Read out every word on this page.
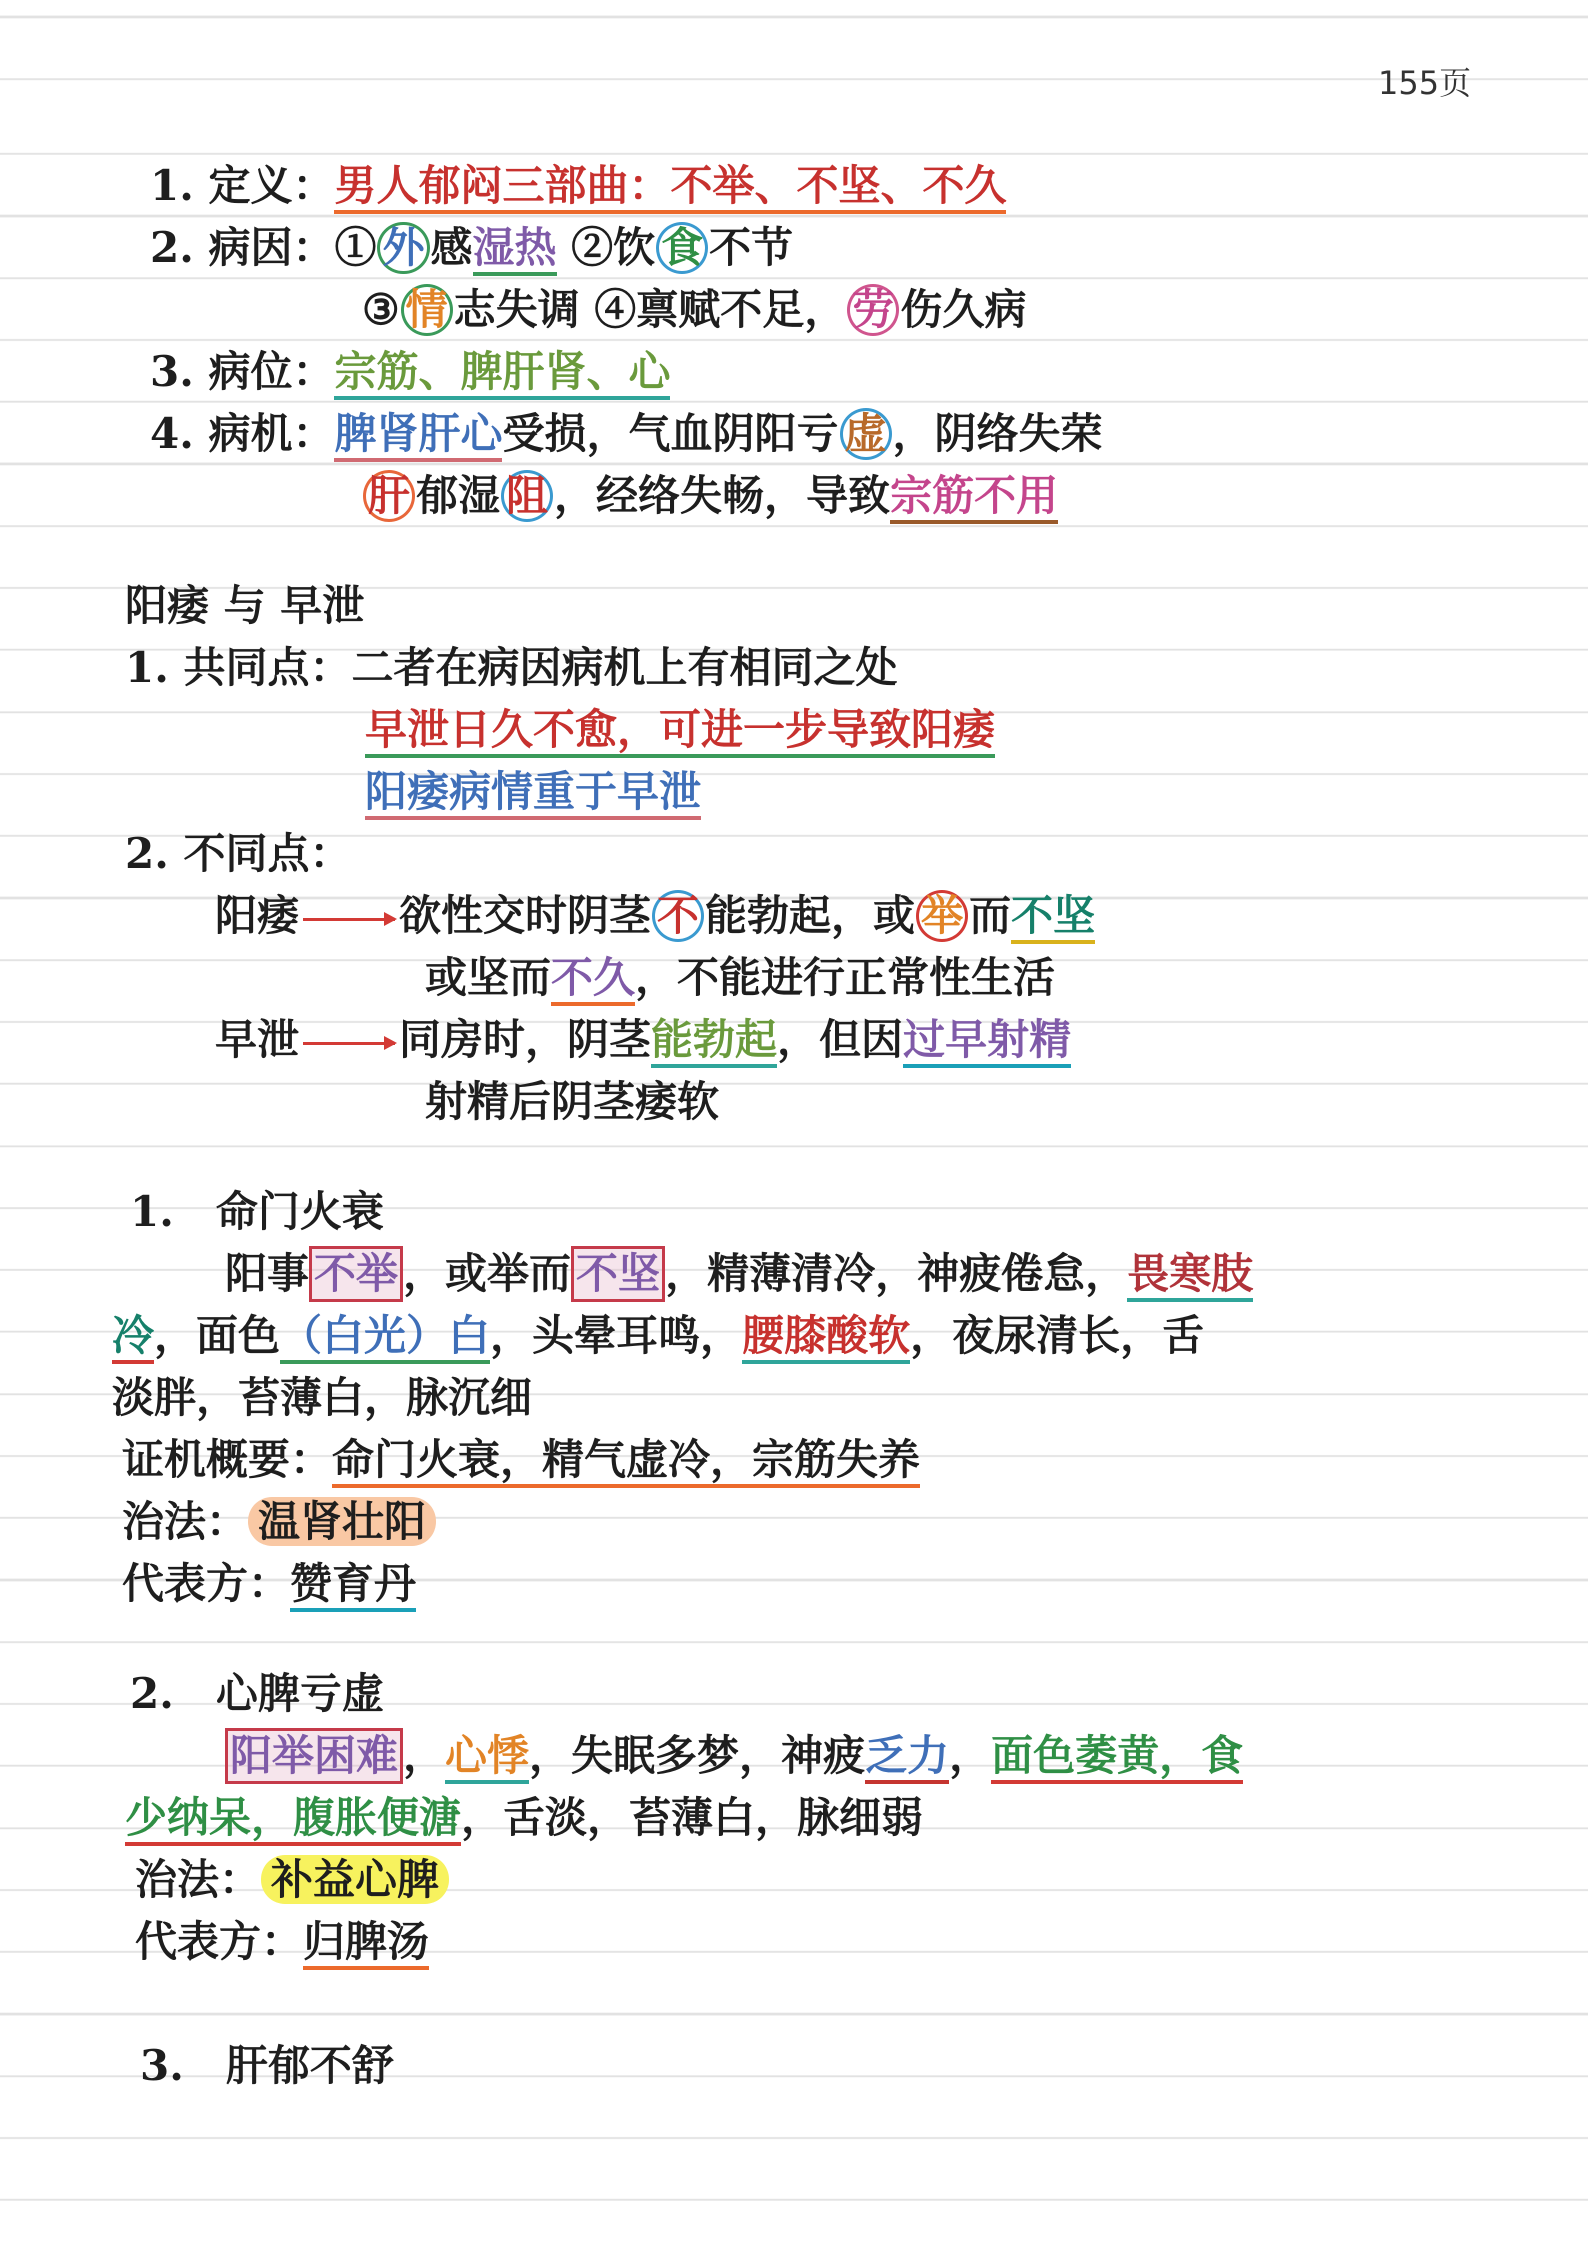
155页
1. 定义：男人郁闷三部曲：不举、不坚、不久
2. 病因：① 外 感湿热 ②饮 食 不节
③ 情 志失调 ④禀赋不足， 劳 伤久病
3. 病位：宗筋、脾肝肾、心
4. 病机：脾肾肝心受损，气血阴阳亏 虚 ，阴络失荣
肝 郁湿 阻 ，经络失畅，导致宗筋不用
阳痿 与 早泄
1. 共同点：二者在病因病机上有相同之处
早泄日久不愈，可进一步导致阳痿
阳痿病情重于早泄
2. 不同点：
阳痿 欲性交时阴茎 不 能勃起，或 举 而不坚
或坚而不久，不能进行正常性生活
早泄 同房时，阴茎能勃起，但因过早射精
射精后阴茎痿软
1.　命门火衰
阳事 不举 ，或举而 不坚 ，精薄清冷，神疲倦怠，畏寒肢
冷，面色（白光）白，头晕耳鸣，腰膝酸软，夜尿清长，舌
淡胖，苔薄白，脉沉细
证机概要：命门火衰，精气虚冷，宗筋失养
治法： 温肾壮阳
代表方：赞育丹
2.　心脾亏虚
阳举困难 ，心悸，失眠多梦，神疲乏力，面色萎黄，食
少纳呆，腹胀便溏，舌淡，苔薄白，脉细弱
治法： 补益心脾
代表方：归脾汤
3.　肝郁不舒
